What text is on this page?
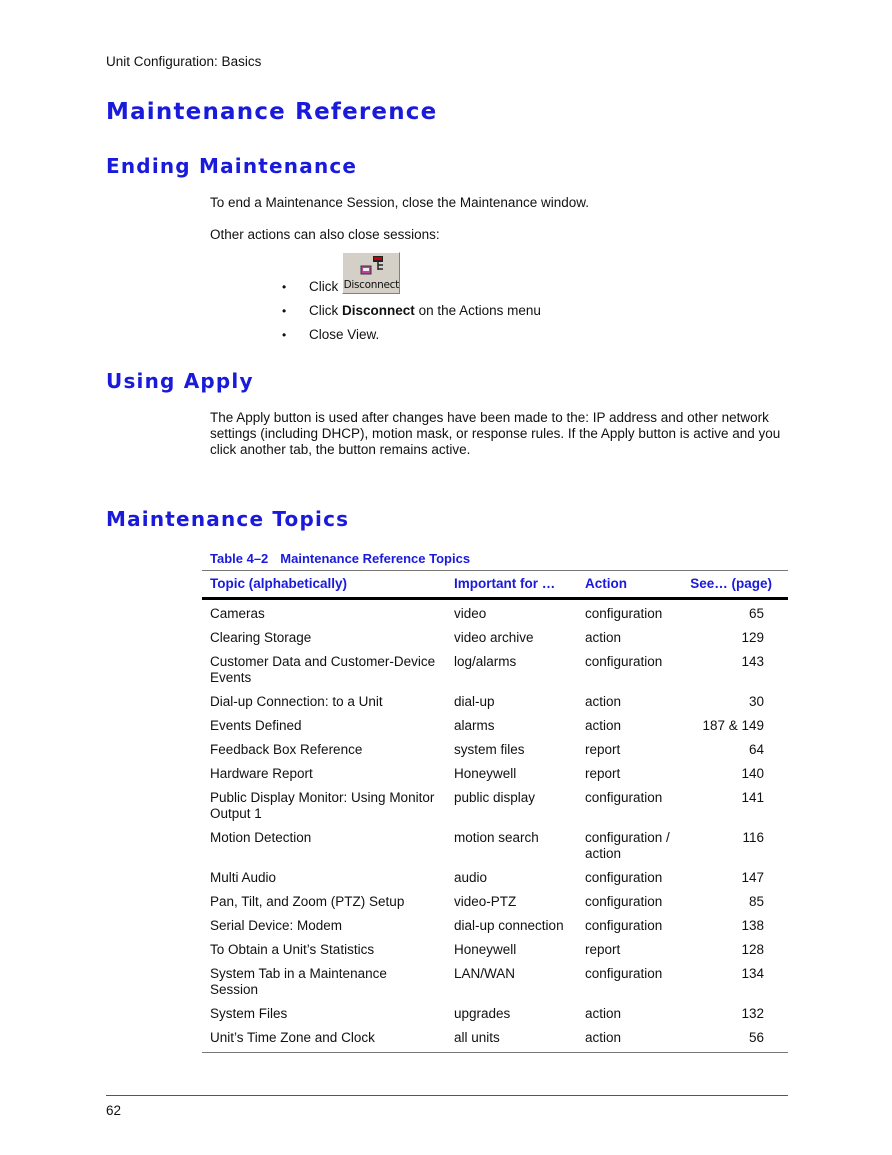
Unit Configuration: Basics
Maintenance Reference
Ending Maintenance
To end a Maintenance Session, close the Maintenance window.
Other actions can also close sessions:
•	Click Disconnect
•	Click
Disconnect
on the Actions menu
•	Close View.
Using Apply
The Apply button is used after changes have been made to the: IP address and other network settings (including DHCP), motion mask, or response rules. If the Apply button is active and you click another tab, the button remains active.
Maintenance Topics
Table 4–2 Maintenance Reference Topics
Topic (alphabetically)	Important for …	Action	See… (page)
Cameras	video	configuration	65
Clearing Storage	video archive	action	129
Customer Data and Customer-Device Events	log/alarms	configuration	143
Dial-up Connection: to a Unit	dial-up	action	30
Events Defined	alarms	action	187 & 149
Feedback Box Reference	system files	report	64
Hardware Report	Honeywell	report	140
Public Display Monitor: Using Monitor Output 1	public display	configuration	141
Motion Detection	motion search	configuration / action	116
Multi Audio	audio	configuration	147
Pan, Tilt, and Zoom (PTZ) Setup	video-PTZ	configuration	85
Serial Device: Modem	dial-up connection	configuration	138
To Obtain a Unit’s Statistics	Honeywell	report	128
System Tab in a Maintenance Session	LAN/WAN	configuration	134
System Files	upgrades	action	132
Unit’s Time Zone and Clock	all units	action	56
62
